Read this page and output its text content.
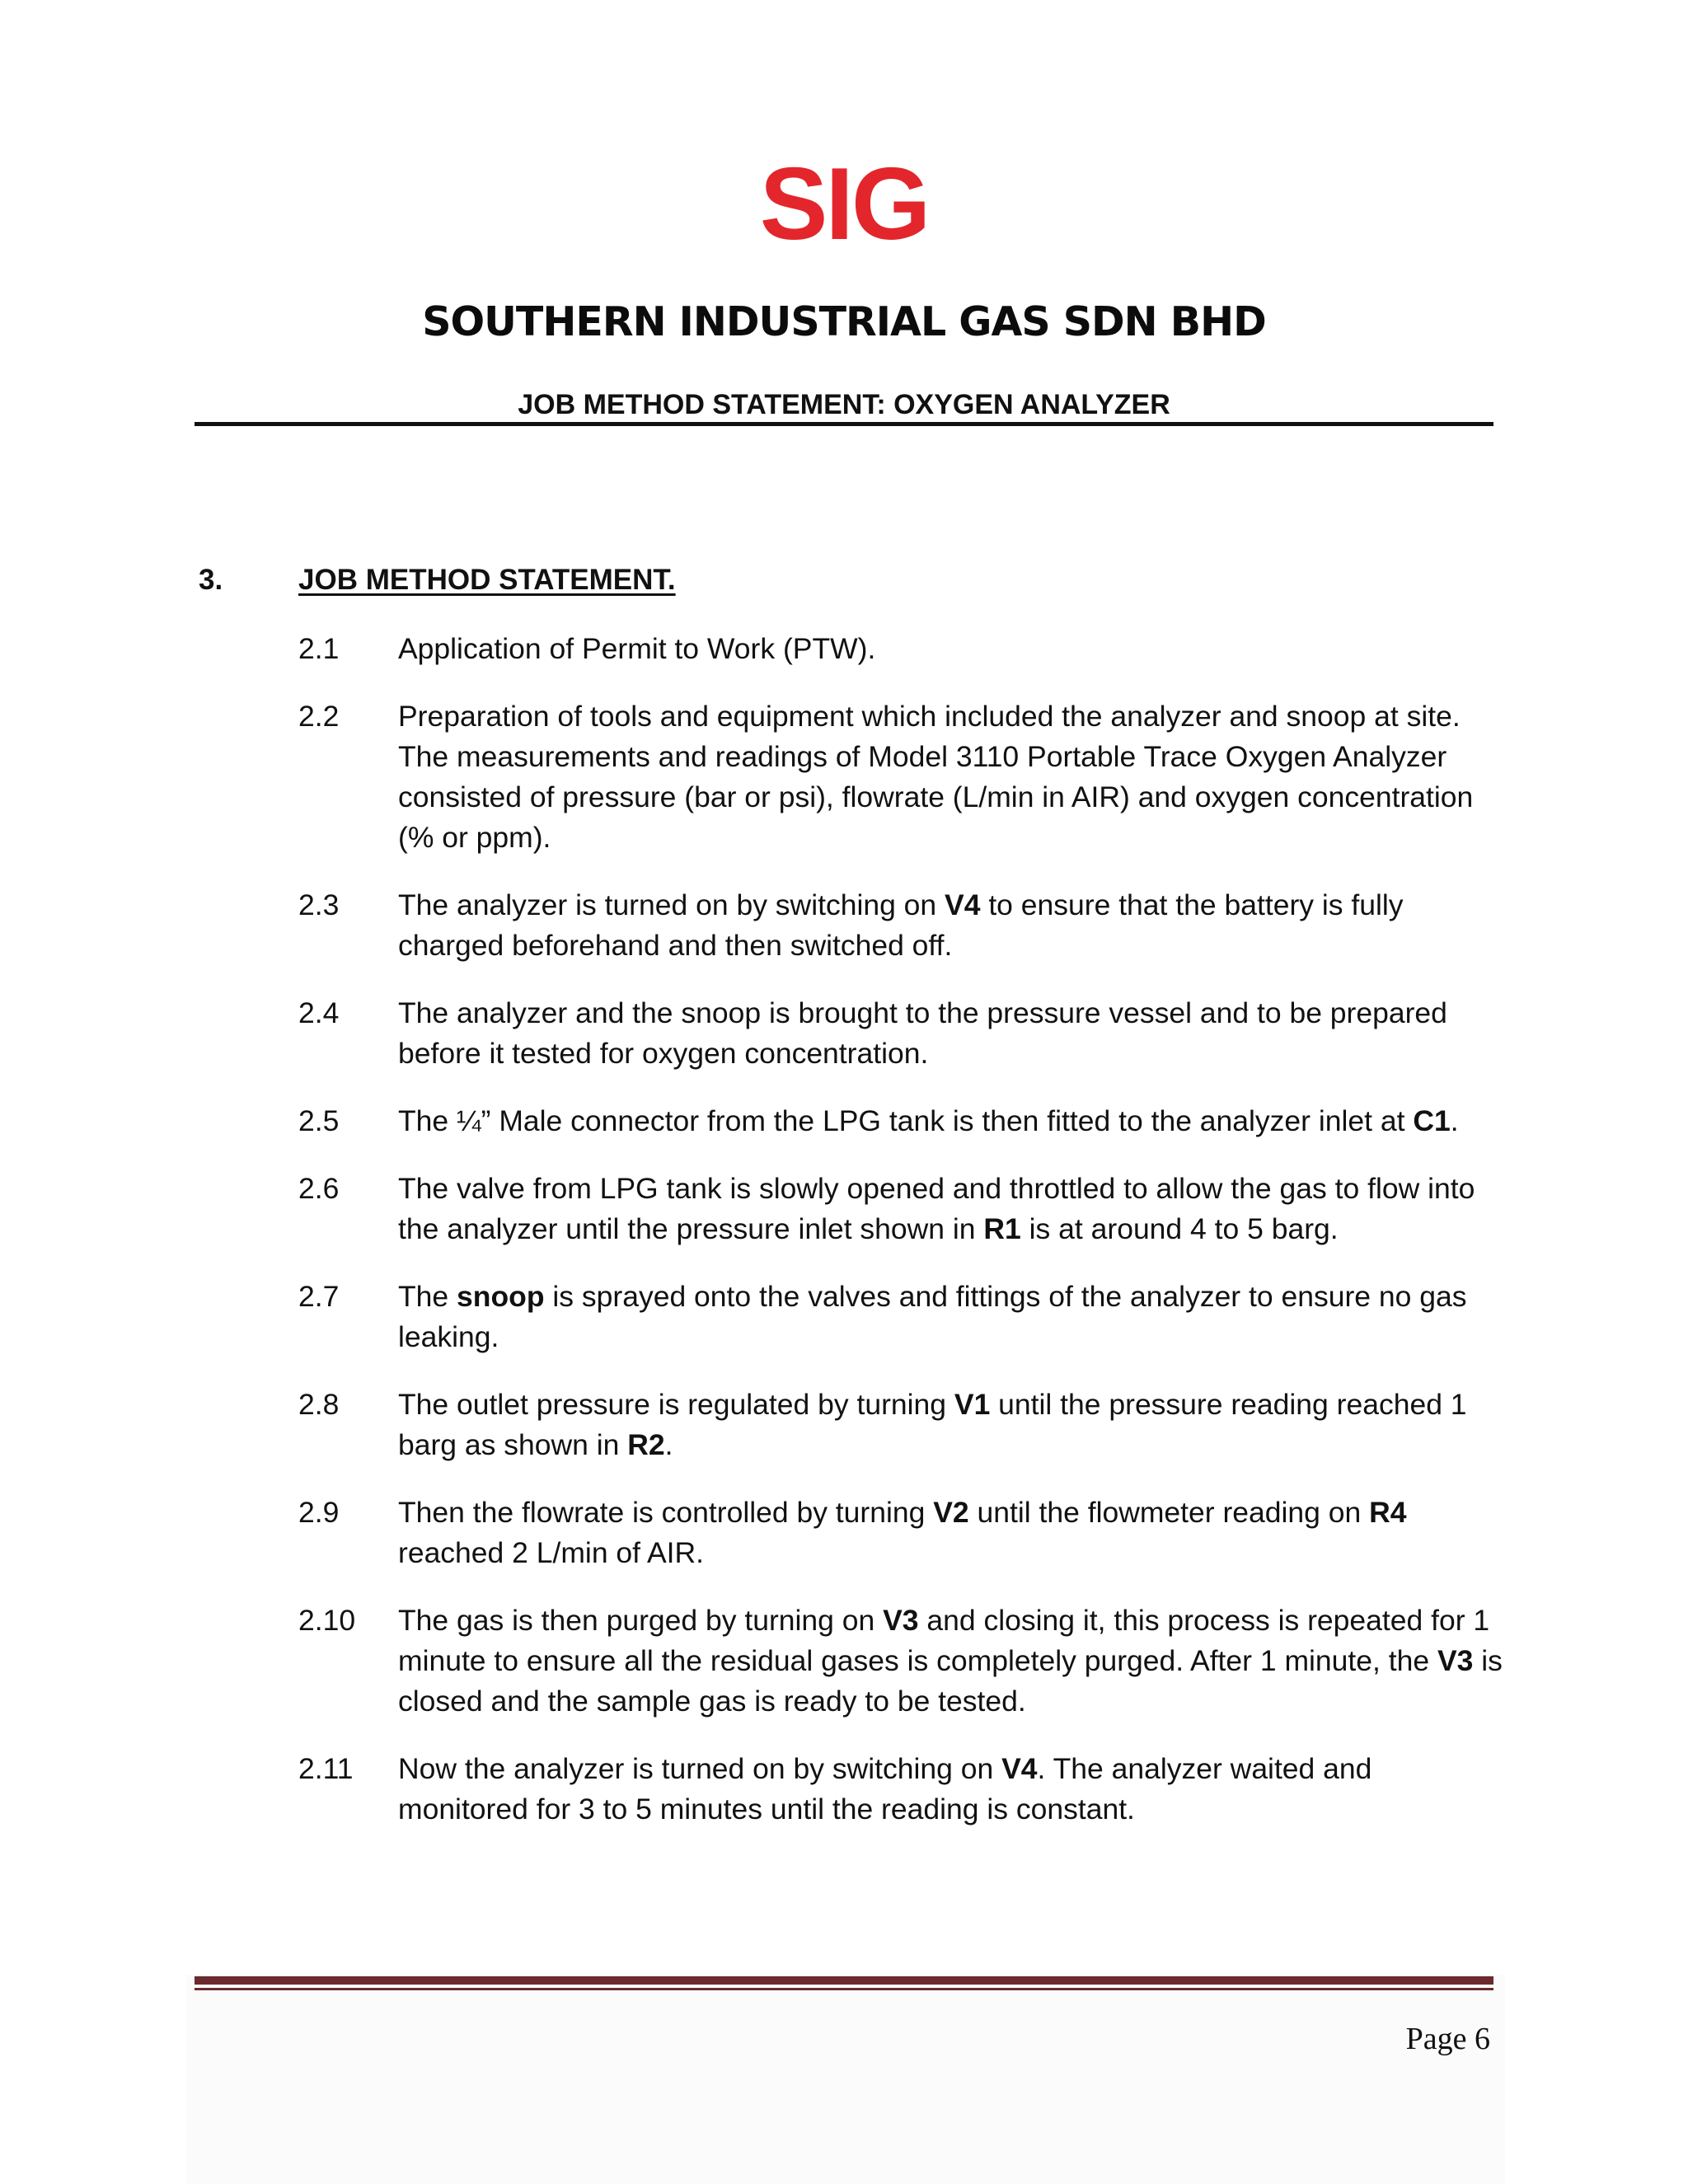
SIG
SOUTHERN INDUSTRIAL GAS SDN BHD
JOB METHOD STATEMENT: OXYGEN ANALYZER
3.	JOB METHOD STATEMENT.
2.1 Application of Permit to Work (PTW).
2.2 Preparation of tools and equipment which included the analyzer and snoop at site. The measurements and readings of Model 3110 Portable Trace Oxygen Analyzer consisted of pressure (bar or psi), flowrate (L/min in AIR) and oxygen concentration (% or ppm).
2.3 The analyzer is turned on by switching on V4 to ensure that the battery is fully charged beforehand and then switched off.
2.4 The analyzer and the snoop is brought to the pressure vessel and to be prepared before it tested for oxygen concentration.
2.5 The ¼” Male connector from the LPG tank is then fitted to the analyzer inlet at C1.
2.6 The valve from LPG tank is slowly opened and throttled to allow the gas to flow into the analyzer until the pressure inlet shown in R1 is at around 4 to 5 barg.
2.7 The snoop is sprayed onto the valves and fittings of the analyzer to ensure no gas leaking.
2.8 The outlet pressure is regulated by turning V1 until the pressure reading reached 1 barg as shown in R2.
2.9 Then the flowrate is controlled by turning V2 until the flowmeter reading on R4 reached 2 L/min of AIR.
2.10 The gas is then purged by turning on V3 and closing it, this process is repeated for 1 minute to ensure all the residual gases is completely purged. After 1 minute, the V3 is closed and the sample gas is ready to be tested.
2.11 Now the analyzer is turned on by switching on V4. The analyzer waited and monitored for 3 to 5 minutes until the reading is constant.
Page 6
